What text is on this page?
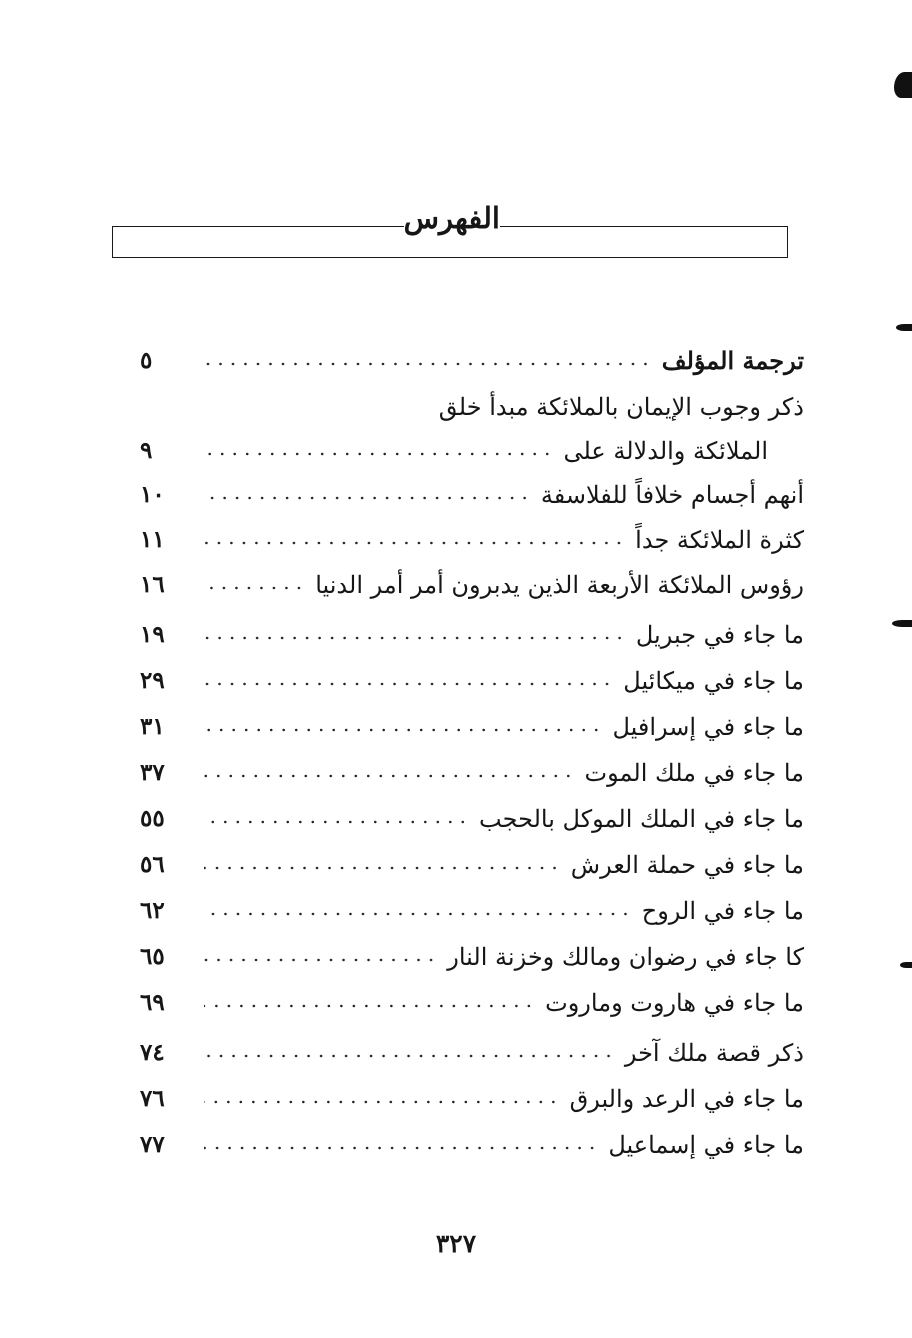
الفهرس
ترجمة المؤلف
٥
ذكر وجوب الإيمان بالملائكة مبدأ خلق
الملائكة والدلالة على
٩
أنهم أجسام خلافاً للفلاسفة
١٠
كثرة الملائكة جداً
١١
رؤوس الملائكة الأربعة الذين يدبرون أمر أمر الدنيا
١٦
ما جاء في جبريل
١٩
ما جاء في ميكائيل
٢٩
ما جاء في إسرافيل
٣١
ما جاء في ملك الموت
٣٧
ما جاء في الملك الموكل بالحجب
٥٥
ما جاء في حملة العرش
٥٦
ما جاء في الروح
٦٢
كا جاء في رضوان ومالك وخزنة النار
٦٥
ما جاء في هاروت وماروت
٦٩
ذكر قصة ملك آخر
٧٤
ما جاء في الرعد والبرق
٧٦
ما جاء في إسماعيل
٧٧
٣٢٧
